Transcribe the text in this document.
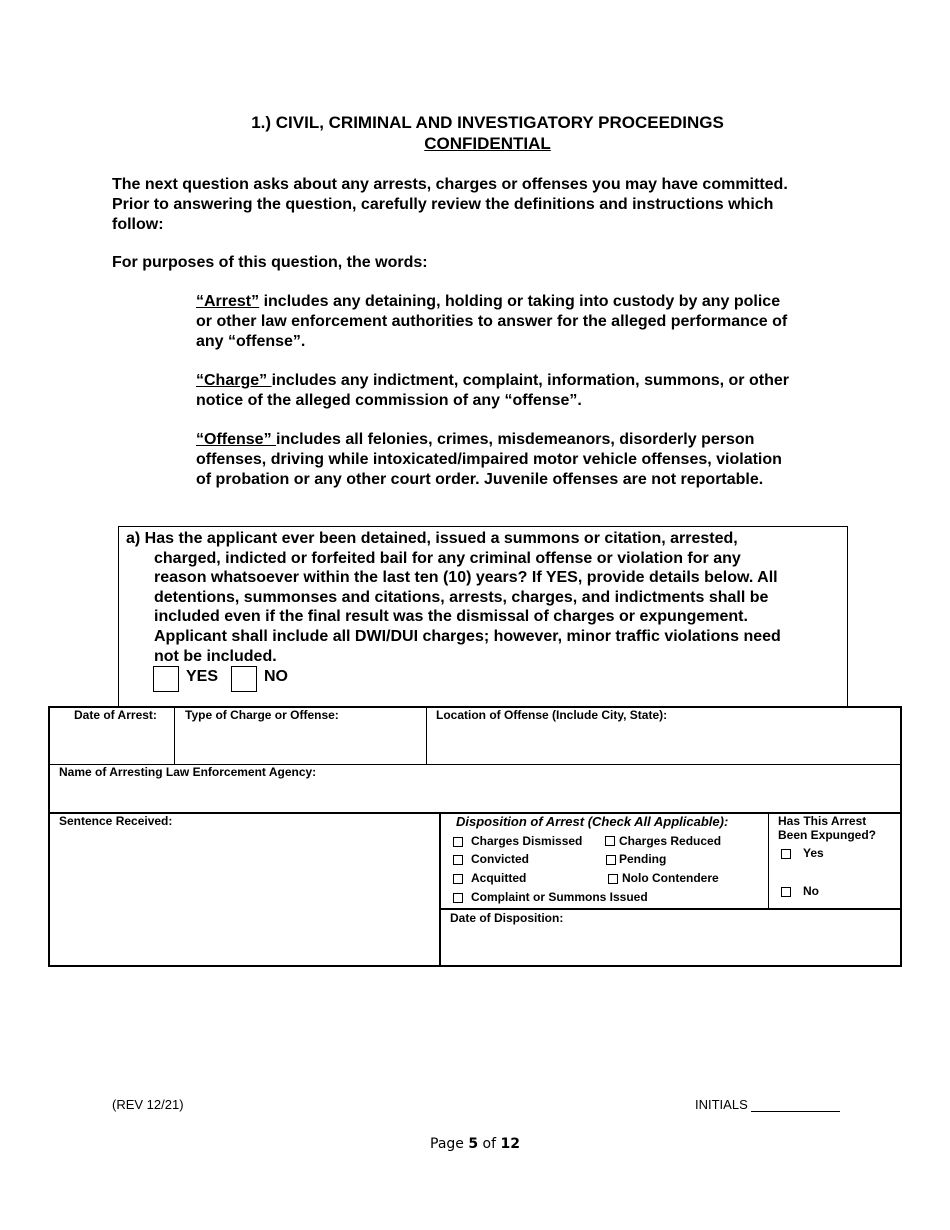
1.) CIVIL, CRIMINAL AND INVESTIGATORY PROCEEDINGS
CONFIDENTIAL
The next question asks about any arrests, charges or offenses you may have committed.
Prior to answering the question, carefully review the definitions and instructions which
follow:
For purposes of this question, the words:
“Arrest” includes any detaining, holding or taking into custody by any police
or other law enforcement authorities to answer for the alleged performance of
any “offense”.
“Charge” includes any indictment, complaint, information, summons, or other
notice of the alleged commission of any “offense”.
“Offense” includes all felonies, crimes, misdemeanors, disorderly person
offenses, driving while intoxicated/impaired motor vehicle offenses, violation
of probation or any other court order. Juvenile offenses are not reportable.
a) Has the applicant ever been detained, issued a summons or citation, arrested,
charged, indicted or forfeited bail for any criminal offense or violation for any
reason whatsoever within the last ten (10) years? If YES, provide details below. All
detentions, summonses and citations, arrests, charges, and indictments shall be
included even if the final result was the dismissal of charges or expungement.
Applicant shall include all DWI/DUI charges; however, minor traffic violations need
not be included.
YES	NO
Date of Arrest: Type of Charge or Offense:	Location of Offense (Include City, State):
Name of Arresting Law Enforcement Agency:
Sentence Received:	Disposition of Arrest (Check All Applicable):
Charges Dismissed	Charges Reduced
Convicted	Pending
Acquitted	Nolo Contendere
Complaint or Summons Issued
Has This Arrest
Been Expunged?
Yes
No
Date of Disposition:
(REV 12/21)	INITIALS
Page 5 of 12
